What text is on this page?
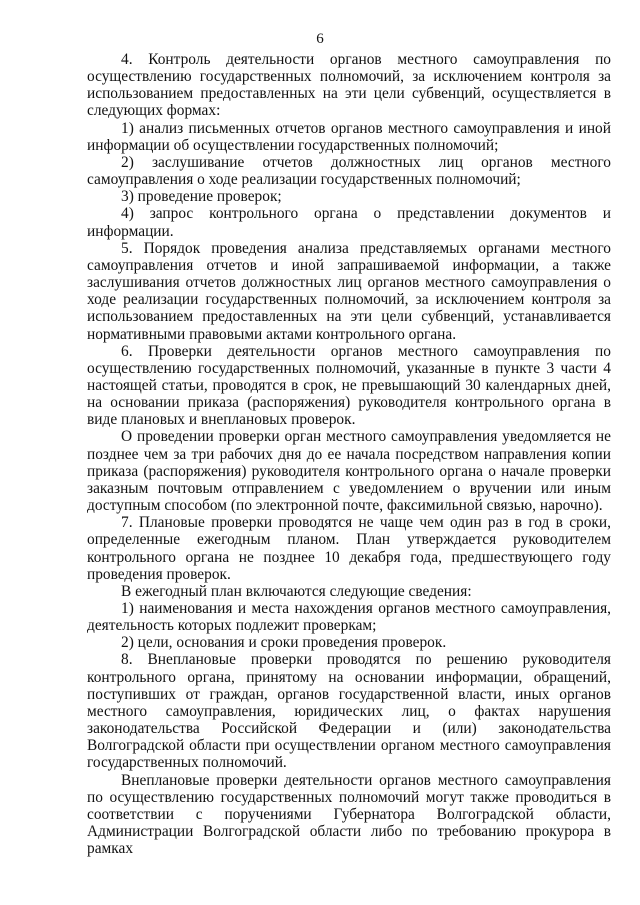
6

4. Контроль деятельности органов местного самоуправления по осуществлению государственных полномочий, за исключением контроля за использованием предоставленных на эти цели субвенций, осуществляется в следующих формах:

1) анализ письменных отчетов органов местного самоуправления и иной информации об осуществлении государственных полномочий;

2) заслушивание отчетов должностных лиц органов местного самоуправления о ходе реализации государственных полномочий;

3) проведение проверок;

4) запрос контрольного органа о представлении документов и информации.

5. Порядок проведения анализа представляемых органами местного самоуправления отчетов и иной запрашиваемой информации, а также заслушивания отчетов должностных лиц органов местного самоуправления о ходе реализации государственных полномочий, за исключением контроля за использованием предоставленных на эти цели субвенций, устанавливается нормативными правовыми актами контрольного органа.

6. Проверки деятельности органов местного самоуправления по осуществлению государственных полномочий, указанные в пункте 3 части 4 настоящей статьи, проводятся в срок, не превышающий 30 календарных дней, на основании приказа (распоряжения) руководителя контрольного органа в виде плановых и внеплановых проверок.

О проведении проверки орган местного самоуправления уведомляется не позднее чем за три рабочих дня до ее начала посредством направления копии приказа (распоряжения) руководителя контрольного органа о начале проверки заказным почтовым отправлением с уведомлением о вручении или иным доступным способом (по электронной почте, факсимильной связью, нарочно).

7. Плановые проверки проводятся не чаще чем один раз в год в сроки, определенные ежегодным планом. План утверждается руководителем контрольного органа не позднее 10 декабря года, предшествующего году проведения проверок.

В ежегодный план включаются следующие сведения:

1) наименования и места нахождения органов местного самоуправления, деятельность которых подлежит проверкам;

2) цели, основания и сроки проведения проверок.

8. Внеплановые проверки проводятся по решению руководителя контрольного органа, принятому на основании информации, обращений, поступивших от граждан, органов государственной власти, иных органов местного самоуправления, юридических лиц, о фактах нарушения законодательства Российской Федерации и (или) законодательства Волгоградской области при осуществлении органом местного самоуправления государственных полномочий.

Внеплановые проверки деятельности органов местного самоуправления по осуществлению государственных полномочий могут также проводиться в соответствии с поручениями Губернатора Волгоградской области, Администрации Волгоградской области либо по требованию прокурора в рамках
